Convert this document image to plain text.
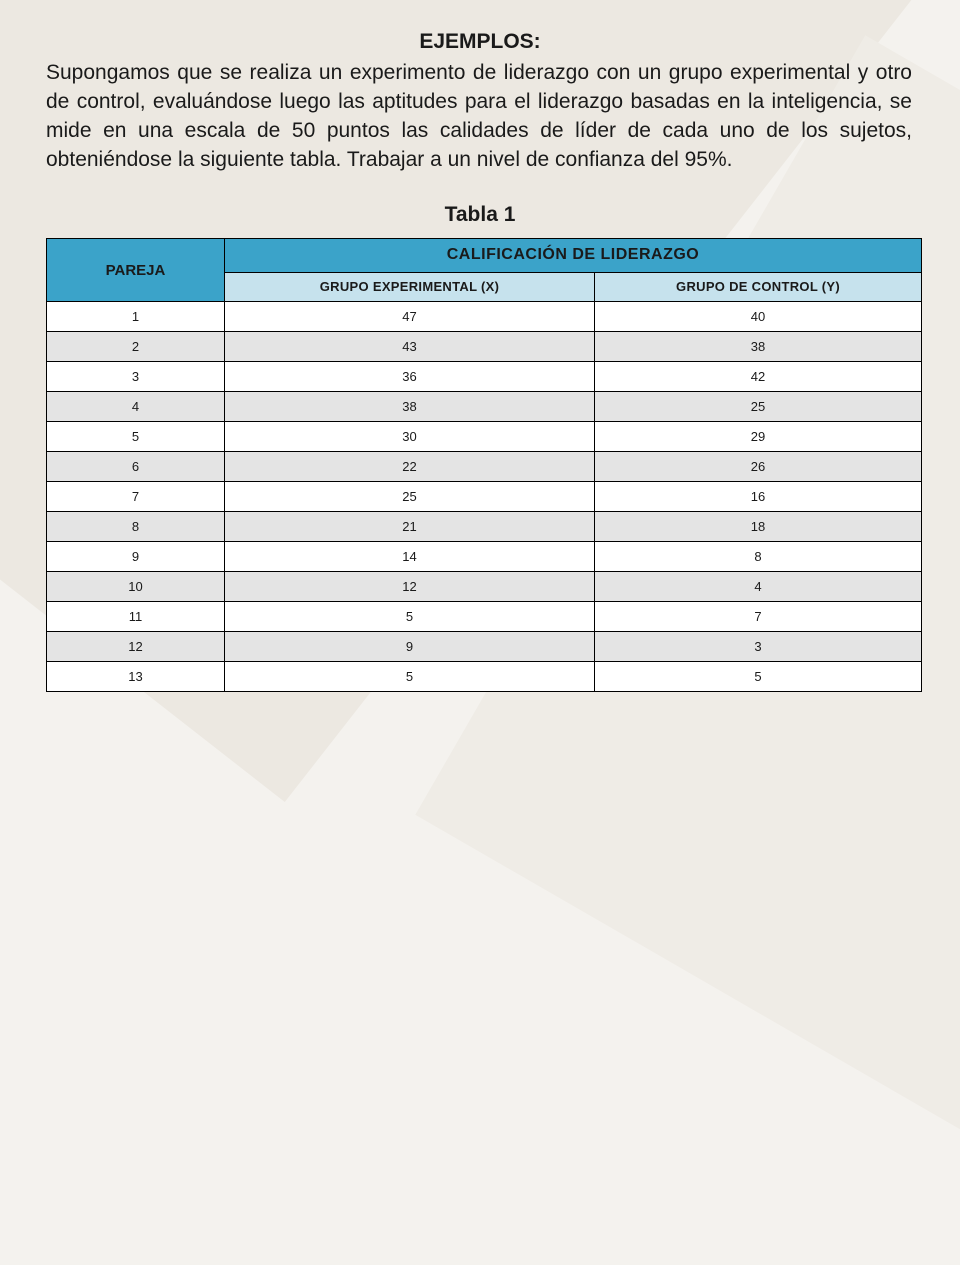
EJEMPLOS:
Supongamos que se realiza un experimento de liderazgo con un grupo experimental y otro de control, evaluándose luego las aptitudes para el liderazgo basadas en la inteligencia, se mide en una escala de 50 puntos las calidades de líder de cada uno de los sujetos, obteniéndose la siguiente tabla. Trabajar a un nivel de confianza del 95%.
Tabla 1
PAREJA	CALIFICACIÓN DE LIDERAZGO	
	GRUPO EXPERIMENTAL (X)	GRUPO DE CONTROL (Y)
1	47	40
2	43	38
3	36	42
4	38	25
5	30	29
6	22	26
7	25	16
8	21	18
9	14	8
10	12	4
11	5	7
12	9	3
13	5	5
